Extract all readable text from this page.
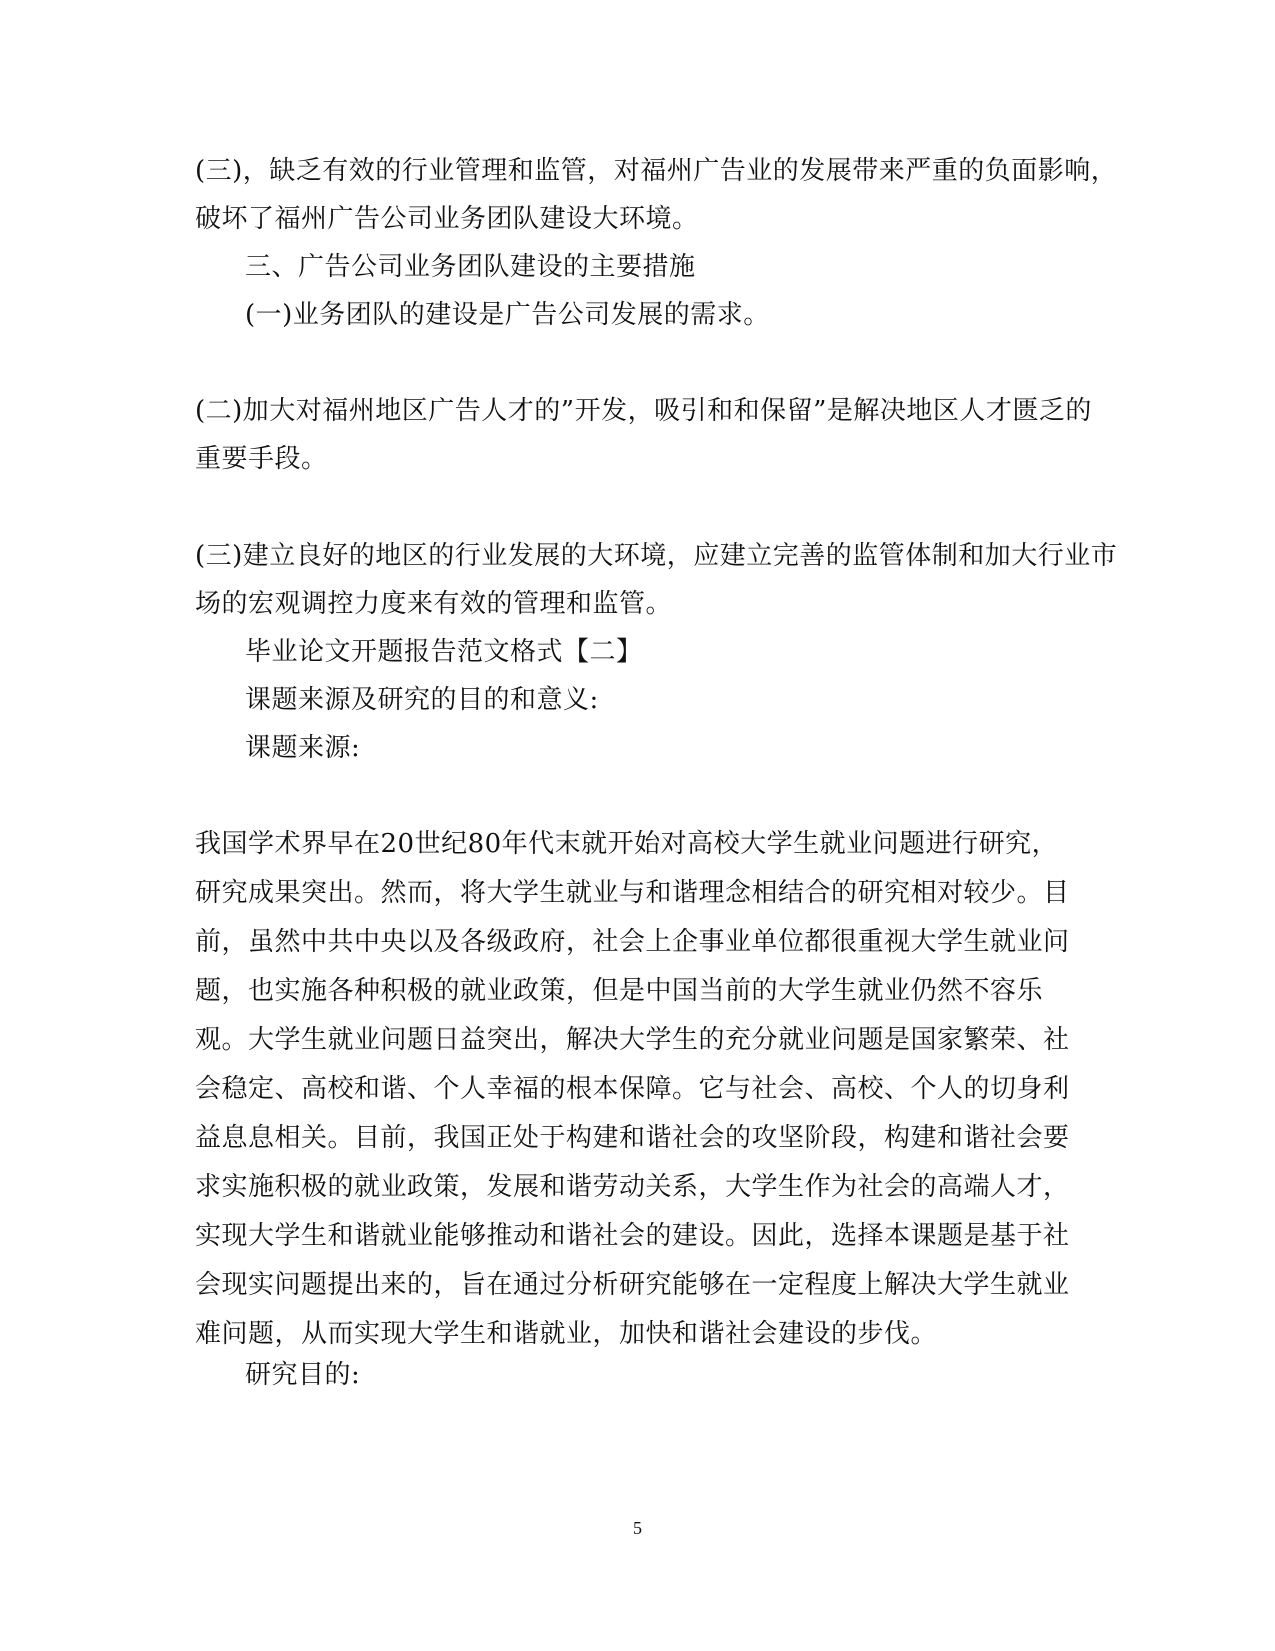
(三)，缺乏有效的行业管理和监管，对福州广告业的发展带来严重的负面影响，
破坏了福州广告公司业务团队建设大环境。
三、广告公司业务团队建设的主要措施
(一)业务团队的建设是广告公司发展的需求。
(二)加大对福州地区广告人才的”开发，吸引和和保留”是解决地区人才匮乏的
重要手段。
(三)建立良好的地区的行业发展的大环境，应建立完善的监管体制和加大行业市
场的宏观调控力度来有效的管理和监管。
毕业论文开题报告范文格式【二】
课题来源及研究的目的和意义:
课题来源:

我国学术界早在20世纪80年代末就开始对高校大学生就业问题进行研究，研究成果突出。然而，将大学生就业与和谐理念相结合的研究相对较少。目前，虽然中共中央以及各级政府，社会上企事业单位都很重视大学生就业问题，也实施各种积极的就业政策，但是中国当前的大学生就业仍然不容乐观。大学生就业问题日益突出，解决大学生的充分就业问题是国家繁荣、社会稳定、高校和谐、个人幸福的根本保障。它与社会、高校、个人的切身利益息息相关。目前，我国正处于构建和谐社会的攻坚阶段，构建和谐社会要求实施积极的就业政策，发展和谐劳动关系，大学生作为社会的高端人才，实现大学生和谐就业能够推动和谐社会的建设。因此，选择本课题是基于社会现实问题提出来的，旨在通过分析研究能够在一定程度上解决大学生就业难问题，从而实现大学生和谐就业，加快和谐社会建设的步伐。

研究目的:
5
